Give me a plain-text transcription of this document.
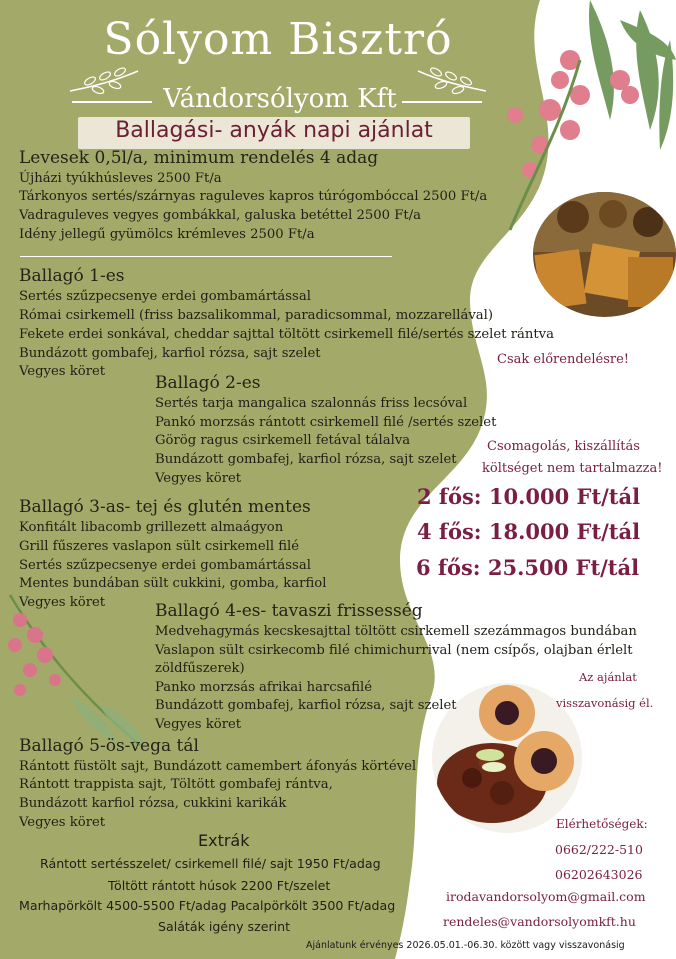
Sólyom Bisztró
Vándorsólyom Kft
Ballagási- anyák napi ajánlat
Levesek 0,5l/a, minimum rendelés 4 adag
Újházi tyúkhúsleves 2500 Ft/a
Tárkonyos sertés/szárnyas raguleves kapros túrógombóccal 2500 Ft/a
Vadraguleves vegyes gombákkal, galuska betéttel 2500 Ft/a
Idény jellegű gyümölcs krémleves 2500 Ft/a
Ballagó 1-es
Sertés szűzpecsenye erdei gombamártással
Római csirkemell (friss bazsalikommal, paradicsommal, mozzarellával)
Fekete erdei sonkával, cheddar sajttal töltött csirkemell filé/sertés szelet rántva
Bundázott gombafej, karfiol rózsa, sajt szelet
Vegyes köret
Ballagó 2-es
Sertés tarja mangalica szalonnás friss lecsóval
Pankó morzsás rántott csirkemell filé /sertés szelet
Görög ragus csirkemell fetával tálalva
Bundázott gombafej, karfiol rózsa, sajt szelet
Vegyes köret
Ballagó 3-as- tej és glutén mentes
Konfitált libacomb grillezett almaágyon
Grill fűszeres vaslapon sült csirkemell filé
Sertés szűzpecsenye erdei gombamártással
Mentes bundában sült cukkini, gomba, karfiol
Vegyes köret	Ballagó 4-es- tavaszi frissesség
Medvehagymás kecskesajttal töltött csirkemell szezámmagos bundában
Vaslapon sült csirkecomb filé chimichurrival (nem csípős, olajban érlelt
zöldfűszerek)
Panko morzsás afrikai harcsafilé
Bundázott gombafej, karfiol rózsa, sajt szelet
Vegyes köret
Ballagó 5-ös-vega tál
Rántott füstölt sajt, Bundázott camembert áfonyás körtével
Rántott trappista sajt, Töltött gombafej rántva,
Bundázott karfiol rózsa, cukkini karikák
Vegyes köret
Extrák
Rántott sertésszelet/ csirkemell filé/ sajt 1950 Ft/adag
Töltött rántott húsok 2200 Ft/szelet
Marhapörkölt 4500-5500 Ft/adag Pacalpörkölt 3500 Ft/adag
Saláták igény szerint
Csak előrendelésre!
Csomagolás, kiszállítás
költséget nem tartalmazza!
2 fős: 10.000 Ft/tál
4 fős: 18.000 Ft/tál
6 fős: 25.500 Ft/tál
Az ajánlat
visszavonásig él.
Elérhetőségek:
0662/222-510
06202643026
irodavandorsolyom@gmail.com
rendeles@vandorsolyomkft.hu
Ajánlatunk érvényes 2026.05.01.-06.30. között vagy visszavonásig
